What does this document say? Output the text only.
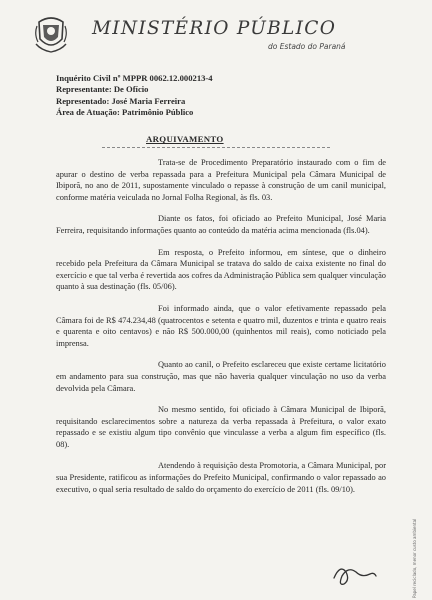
MINISTÉRIO PÚBLICO
do Estado do Paraná
Inquérito Civil nº MPPR 0062.12.000213-4
Representante: De Ofício
Representado: José Maria Ferreira
Área de Atuação: Patrimônio Público
ARQUIVAMENTO

Trata-se de Procedimento Preparatório instaurado com o fim de apurar o destino de verba repassada para a Prefeitura Municipal pela Câmara Municipal de Ibiporã, no ano de 2011, supostamente vinculado o repasse à construção de um canil municipal, conforme matéria veiculada no Jornal Folha Regional, às fls. 03.

Diante os fatos, foi oficiado ao Prefeito Municipal, José Maria Ferreira, requisitando informações quanto ao conteúdo da matéria acima mencionada (fls.04).

Em resposta, o Prefeito informou, em síntese, que o dinheiro recebido pela Prefeitura da Câmara Municipal se tratava do saldo de caixa existente no final do exercício e que tal verba é revertida aos cofres da Administração Pública sem qualquer vinculação quanto à sua destinação (fls. 05/06).

Foi informado ainda, que o valor efetivamente repassado pela Câmara foi de R$ 474.234,48 (quatrocentos e setenta e quatro mil, duzentos e trinta e quatro reais e quarenta e oito centavos) e não R$ 500.000,00 (quinhentos mil reais), como noticiado pela imprensa.

Quanto ao canil, o Prefeito esclareceu que existe certame licitatório em andamento para sua construção, mas que não haveria qualquer vinculação no uso da verba devolvida pela Câmara.

No mesmo sentido, foi oficiado à Câmara Municipal de Ibiporã, requisitando esclarecimentos sobre a natureza da verba repassada à Prefeitura, o valor exato repassado e se existiu algum tipo convênio que vinculasse a verba a algum fim específico (fls. 08).

Atendendo à requisição desta Promotoria, a Câmara Municipal, por sua Presidente, ratificou as informações do Prefeito Municipal, confirmando o valor repassado ao executivo, o qual seria resultado de saldo do orçamento do exercício de 2011 (fls. 09/10).

Papel reciclado, menor custo ambiental
